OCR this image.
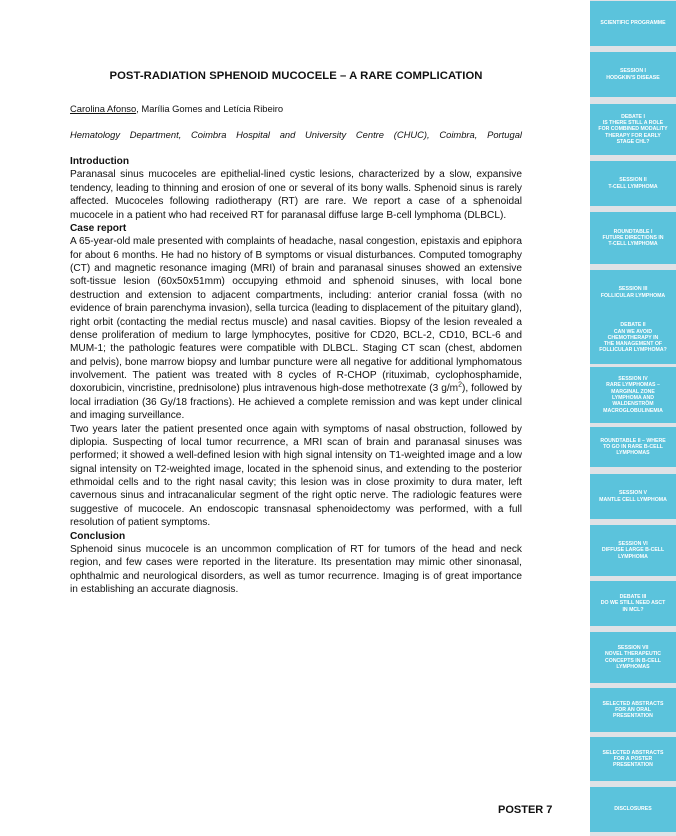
POST-RADIATION SPHENOID MUCOCELE – A RARE COMPLICATION
Carolina Afonso, Marília Gomes and Letícia Ribeiro
Hematology Department, Coimbra Hospital and University Centre (CHUC), Coimbra, Portugal
Introduction

Paranasal sinus mucoceles are epithelial-lined cystic lesions, characterized by a slow, expansive tendency, leading to thinning and erosion of one or several of its bony walls. Sphenoid sinus is rarely affected. Mucoceles following radiotherapy (RT) are rare. We report a case of a sphenoidal mucocele in a patient who had received RT for paranasal diffuse large B-cell lymphoma (DLBCL).

Case report

A 65-year-old male presented with complaints of headache, nasal congestion, epistaxis and epiphora for about 6 months. He had no history of B symptoms or visual disturbances. Computed tomography (CT) and magnetic resonance imaging (MRI) of brain and paranasal sinuses showed an extensive soft-tissue lesion (60x50x51mm) occupying ethmoid and sphenoid sinuses, with local bone destruction and extension to adjacent compartments, including: anterior cranial fossa (with no evidence of brain parenchyma invasion), sella turcica (leading to displacement of the pituitary gland), right orbit (contacting the medial rectus muscle) and nasal cavities. Biopsy of the lesion revealed a dense proliferation of medium to large lymphocytes, positive for CD20, BCL-2, CD10, BCL-6 and MUM-1; the pathologic features were compatible with DLBCL. Staging CT scan (chest, abdomen and pelvis), bone marrow biopsy and lumbar puncture were all negative for additional lymphomatous involvement. The patient was treated with 8 cycles of R-CHOP (rituximab, cyclophosphamide, doxorubicin, vincristine, prednisolone) plus intravenous high-dose methotrexate (3 $g/m^2$), followed by local irradiation (36 Gy/18 fractions). He achieved a complete remission and was kept under clinical and imaging surveillance.

Two years later the patient presented once again with symptoms of nasal obstruction, followed by diplopia. Suspecting of local tumor recurrence, a MRI scan of brain and paranasal sinuses was performed; it showed a well-defined lesion with high signal intensity on T1-weighted image and a low signal intensity on T2-weighted image, located in the sphenoid sinus, and extending to the posterior ethmoidal cells and to the right nasal cavity; this lesion was in close proximity to dura mater, left cavernous sinus and intracanalicular segment of the right optic nerve. The radiologic features were suggestive of mucocele. An endoscopic transnasal sphenoidectomy was performed, with a full resolution of patient symptoms.

Conclusion

Sphenoid sinus mucocele is an uncommon complication of RT for tumors of the head and neck region, and few cases were reported in the literature. Its presentation may mimic other sinonasal, ophthalmic and neurological disorders, as well as tumor recurrence. Imaging is of great importance in establishing an accurate diagnosis.

POSTER 7
SCIENTIFIC PROGRAMME
SESSION I
HODGKIN'S DISEASE
DEBATE I
IS THERE STILL A ROLE
FOR COMBINED MODALITY
THERAPY FOR EARLY
STAGE CHL?
SESSION II
T-CELL LYMPHOMA
ROUNDTABLE I
FUTURE DIRECTIONS IN
T-CELL LYMPHOMA
SESSION III
FOLLICULAR LYMPHOMA
DEBATE II
CAN WE AVOID
CHEMOTHERAPY IN
THE MANAGEMENT OF
FOLLICULAR LYMPHOMA?
SESSION IV
RARE LYMPHOMAS –
MARGINAL ZONE
LYMPHOMA AND
WALDENSTRÖM
MACROGLOBULINEMIA
ROUNDTABLE II – WHERE
TO GO IN RARE B-CELL
LYMPHOMAS
SESSION V
MANTLE CELL LYMPHOMA
SESSION VI
DIFFUSE LARGE B-CELL
LYMPHOMA
DEBATE III
DO WE STILL NEED ASCT
IN MCL?
SESSION VII
NOVEL THERAPEUTIC
CONCEPTS IN B-CELL
LYMPHOMAS
SELECTED ABSTRACTS
FOR AN ORAL
PRESENTATION
SELECTED ABSTRACTS
FOR A POSTER
PRESENTATION
DISCLOSURES
